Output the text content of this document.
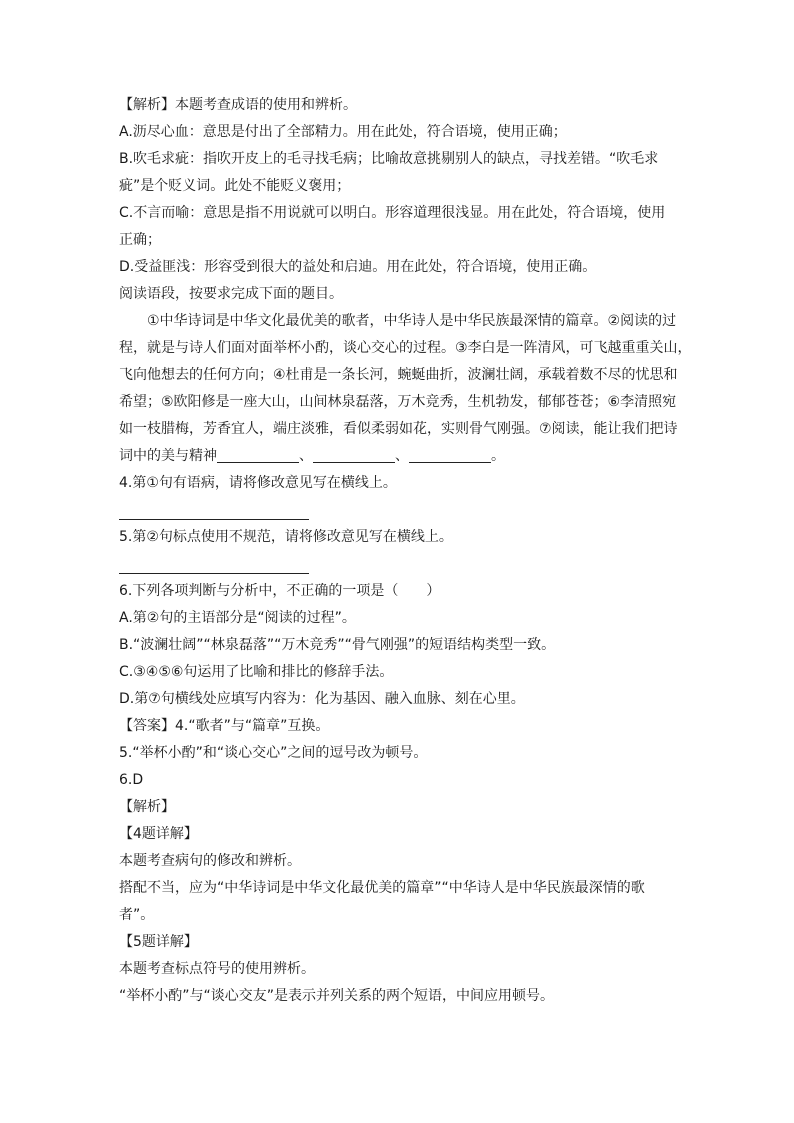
【解析】本题考查成语的使用和辨析。
A.沥尽心血：意思是付出了全部精力。用在此处，符合语境，使用正确；
B.吹毛求疵：指吹开皮上的毛寻找毛病；比喻故意挑剔别人的缺点，寻找差错。“吹毛求
疵”是个贬义词。此处不能贬义褒用；
C.不言而喻：意思是指不用说就可以明白。形容道理很浅显。用在此处，符合语境，使用
正确；
D.受益匪浅：形容受到很大的益处和启迪。用在此处，符合语境，使用正确。
阅读语段，按要求完成下面的题目。
①中华诗词是中华文化最优美的歌者，中华诗人是中华民族最深情的篇章。②阅读的过
程，就是与诗人们面对面举杯小酌，谈心交心的过程。③李白是一阵清风，可飞越重重关山，
飞向他想去的任何方向；④杜甫是一条长河，蜿蜒曲折，波澜壮阔，承载着数不尽的忧思和
希望；⑤欧阳修是一座大山，山间林泉磊落，万木竞秀，生机勃发，郁郁苍苍；⑥李清照宛
如一枝腊梅，芳香宜人，端庄淡雅，看似柔弱如花，实则骨气刚强。⑦阅读，能让我们把诗
词中的美与精神	、	、	。
4.第①句有语病，请将修改意见写在横线上。
5.第②句标点使用不规范，请将修改意见写在横线上。
6.下列各项判断与分析中，不正确的一项是（　　）
A.第②句的主语部分是“阅读的过程”。
B.“波澜壮阔”“林泉磊落”“万木竞秀”“骨气刚强”的短语结构类型一致。
C.③④⑤⑥句运用了比喻和排比的修辞手法。
D.第⑦句横线处应填写内容为：化为基因、融入血脉、刻在心里。
【答案】4.“歌者”与“篇章”互换。
5.“举杯小酌”和“谈心交心”之间的逗号改为顿号。
6.D
【解析】
【4题详解】
本题考查病句的修改和辨析。
搭配不当，应为“中华诗词是中华文化最优美的篇章”“中华诗人是中华民族最深情的歌
者”。
【5题详解】
本题考查标点符号的使用辨析。
“举杯小酌”与“谈心交友”是表示并列关系的两个短语，中间应用顿号。
